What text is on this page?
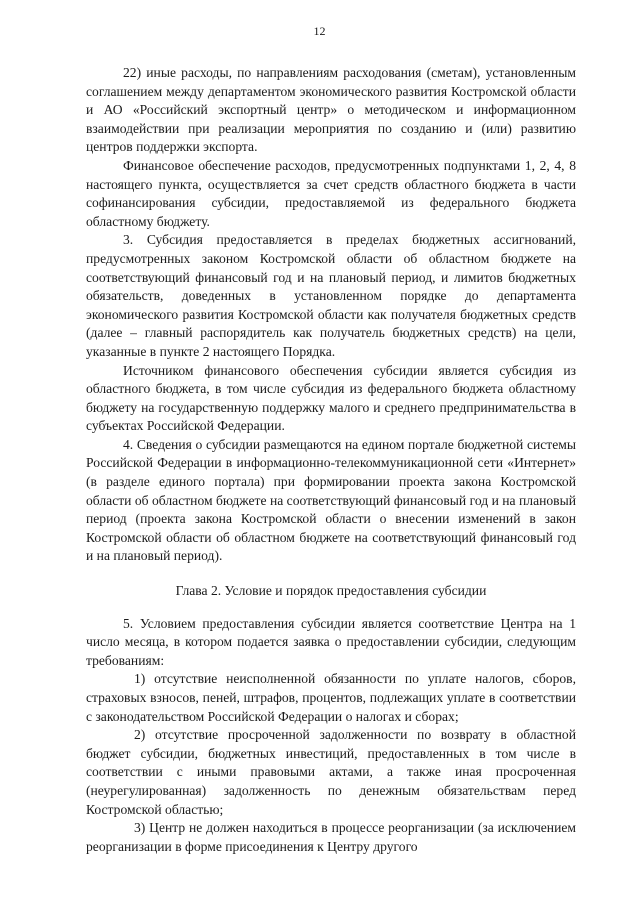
12

22) иные расходы, по направлениям расходования (сметам), установленным соглашением между департаментом экономического развития Костромской области и АО «Российский экспортный центр» о методическом и информационном взаимодействии при реализации мероприятия по созданию и (или) развитию центров поддержки экспорта.

Финансовое обеспечение расходов, предусмотренных подпунктами 1, 2, 4, 8 настоящего пункта, осуществляется за счет средств областного бюджета в части софинансирования субсидии, предоставляемой из федерального бюджета областному бюджету.

3. Субсидия предоставляется в пределах бюджетных ассигнований, предусмотренных законом Костромской области об областном бюджете на соответствующий финансовый год и на плановый период, и лимитов бюджетных обязательств, доведенных в установленном порядке до департамента экономического развития Костромской области как получателя бюджетных средств (далее – главный распорядитель как получатель бюджетных средств) на цели, указанные в пункте 2 настоящего Порядка.

Источником финансового обеспечения субсидии является субсидия из областного бюджета, в том числе субсидия из федерального бюджета областному бюджету на государственную поддержку малого и среднего предпринимательства в субъектах Российской Федерации.

4. Сведения о субсидии размещаются на едином портале бюджетной системы Российской Федерации в информационно-телекоммуникационной сети «Интернет» (в разделе единого портала) при формировании проекта закона Костромской области об областном бюджете на соответствующий финансовый год и на плановый период (проекта закона Костромской области о внесении изменений в закон Костромской области об областном бюджете на соответствующий финансовый год и на плановый период).

Глава 2. Условие и порядок предоставления субсидии

5. Условием предоставления субсидии является соответствие Центра на 1 число месяца, в котором подается заявка о предоставлении субсидии, следующим требованиям:

1) отсутствие неисполненной обязанности по уплате налогов, сборов, страховых взносов, пеней, штрафов, процентов, подлежащих уплате в соответствии с законодательством Российской Федерации о налогах и сборах;

2) отсутствие просроченной задолженности по возврату в областной бюджет субсидии, бюджетных инвестиций, предоставленных в том числе в соответствии с иными правовыми актами, а также иная просроченная (неурегулированная) задолженность по денежным обязательствам перед Костромской областью;

3) Центр не должен находиться в процессе реорганизации (за исключением реорганизации в форме присоединения к Центру другого
